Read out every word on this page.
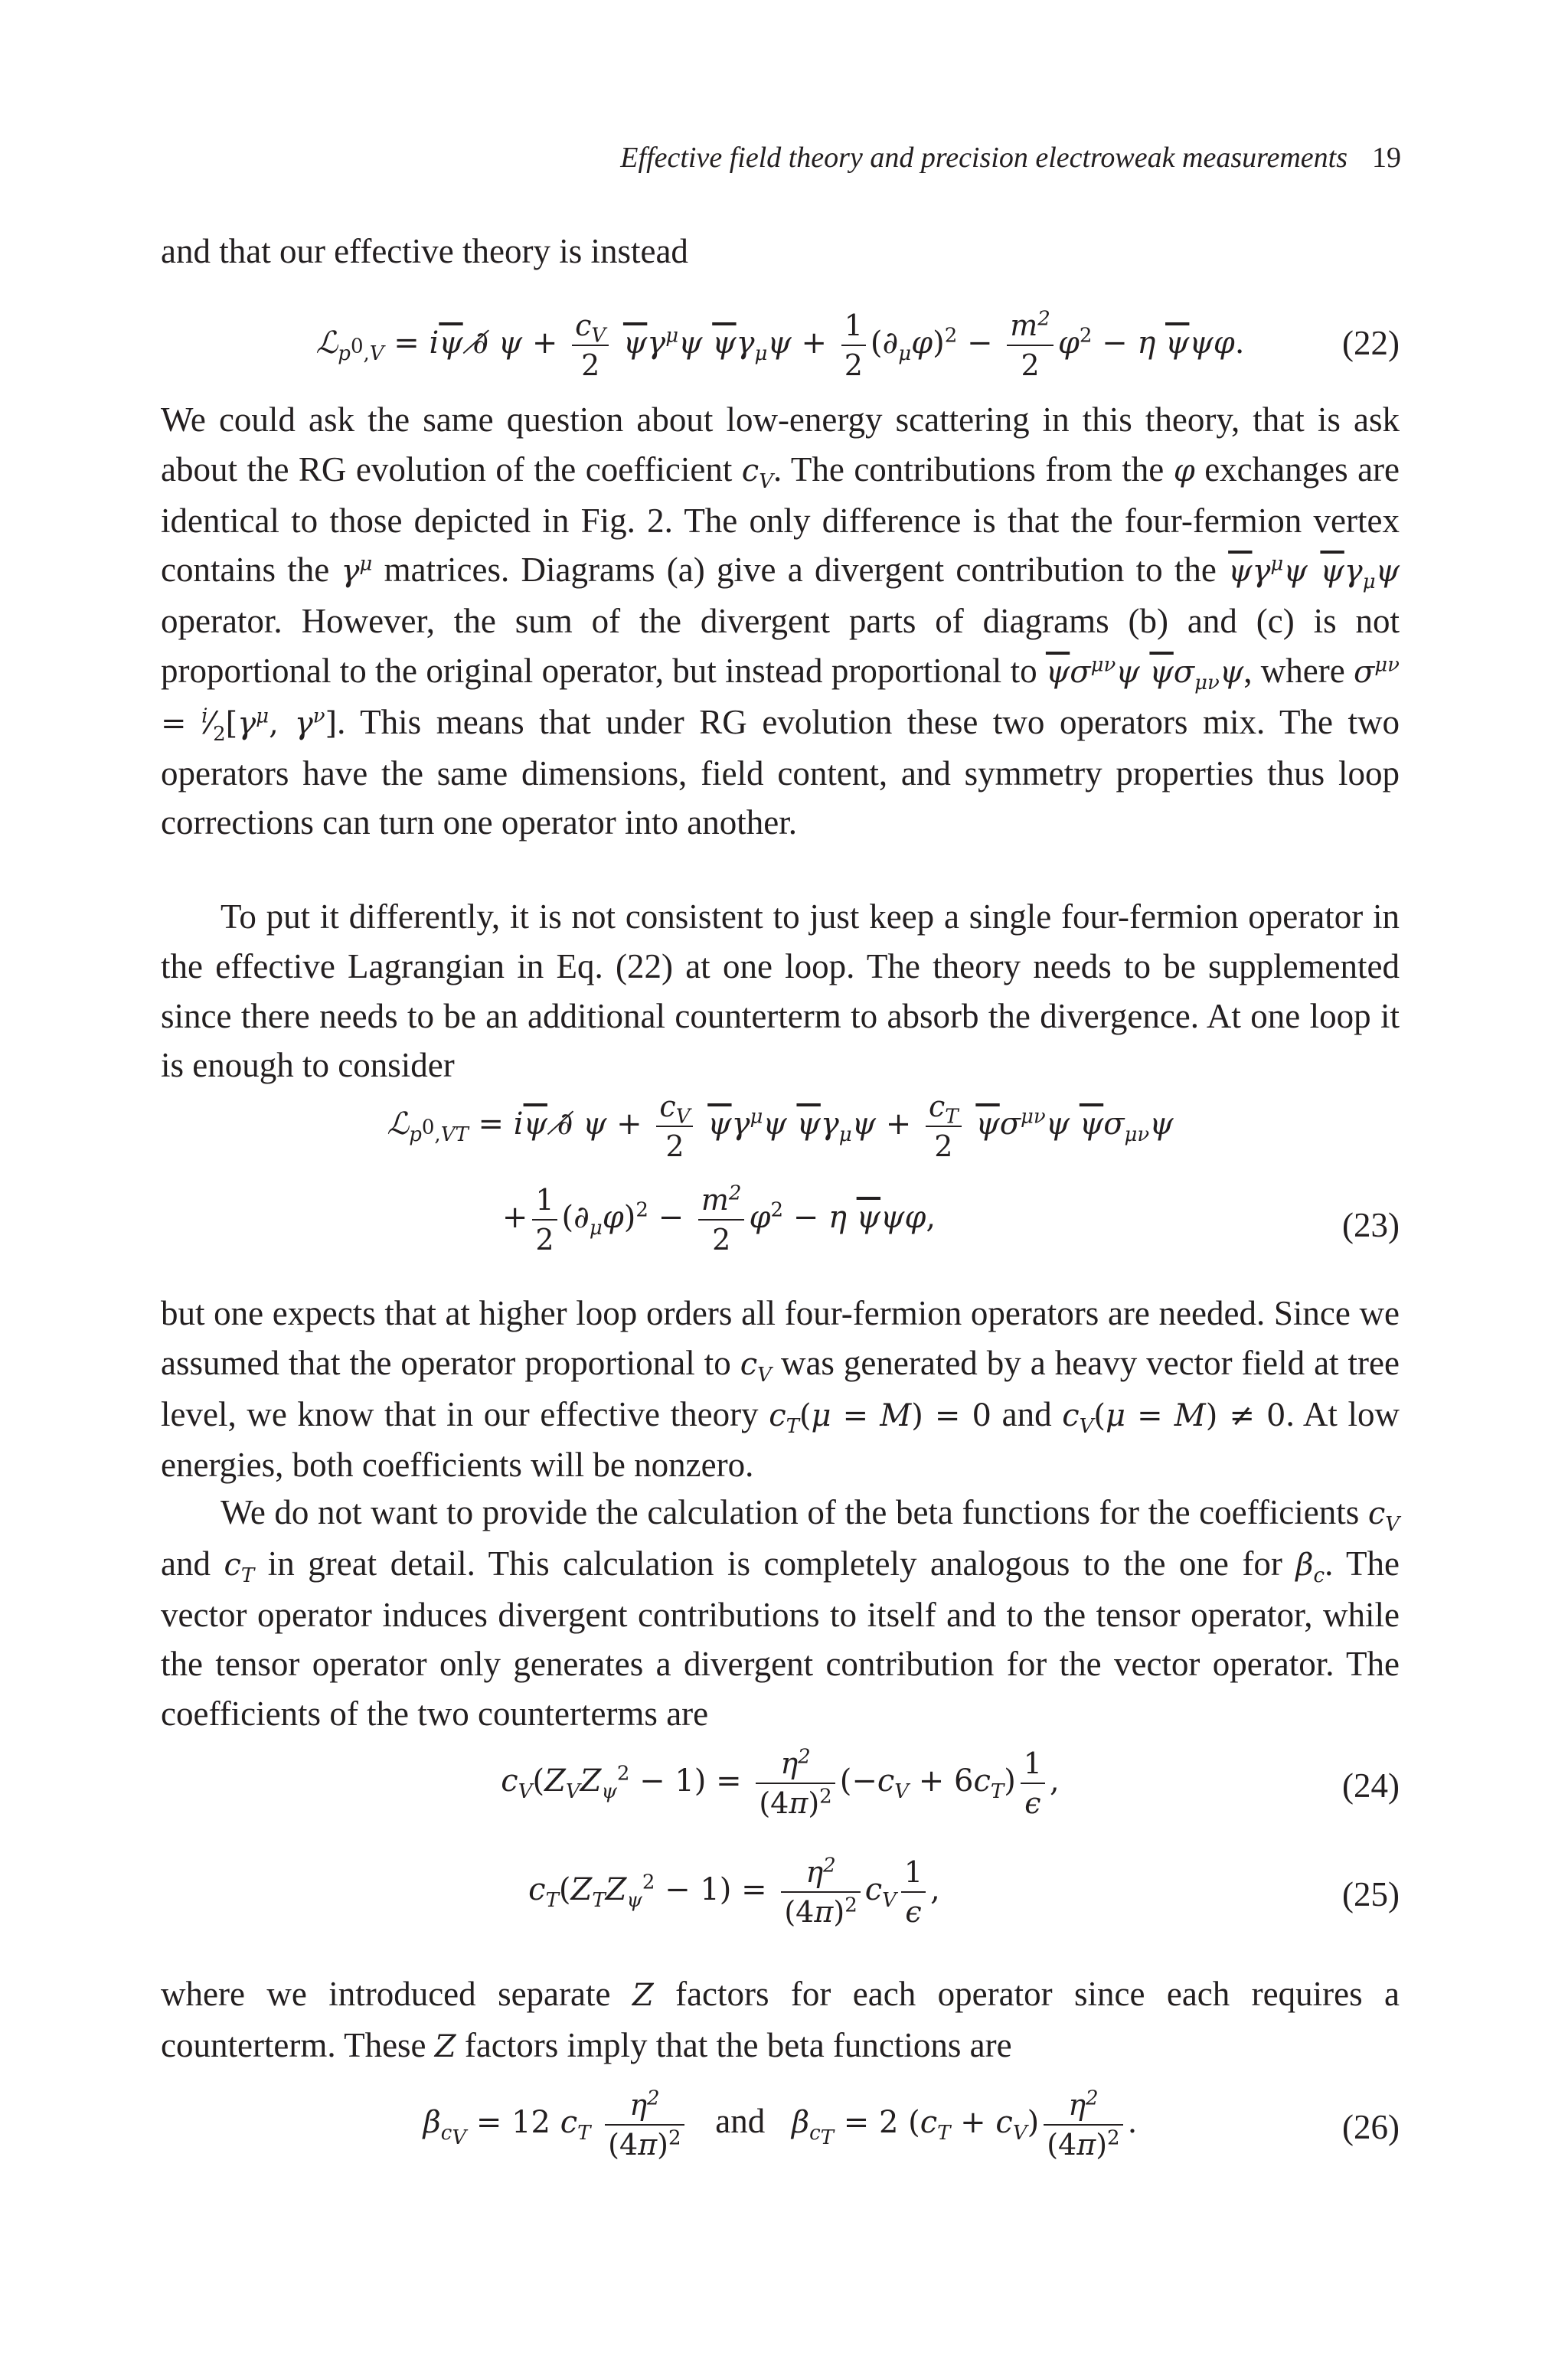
Effective field theory and precision electroweak measurements 19
and that our effective theory is instead
ℒ$_{p^0,V}$ = $i\overline{\psi}$ ∂̸ $\psi + \frac{c_V}{2} \overline{\psi}\gamma^\mu\psi$ $\overline{\psi}\gamma_\mu\psi + \frac{1}{2} (\partial_\mu\varphi)^2 - \frac{m^2}{2} \varphi^2 - \eta$ $\overline{\psi}\psi\varphi$.	(22)
We could ask the same question about low-energy scattering in this theory, that is ask about the RG evolution of the coefficient $c_V$. The contributions from the φ exchanges are identical to those depicted in Fig. 2. The only difference is that the four-fermion vertex contains the $\gamma^\mu$ matrices. Diagrams (a) give a divergent contribution to the $\overline{\psi}\gamma^\mu\psi$ $\overline{\psi}\gamma_\mu\psi$ operator. However, the sum of the divergent parts of diagrams (b) and (c) is not proportional to the original operator, but instead proportional to $\overline{\psi}\sigma^{\mu\nu}\psi$ $\overline{\psi}\sigma_{\mu\nu}\psi$, where $\sigma^{\mu\nu}$ = $^i⁄_2[\gamma^\mu$, $\gamma^\nu$]. This means that under RG evolution these two operators mix. The two operators have the same dimensions, field content, and symmetry properties thus loop corrections can turn one operator into another.
To put it differently, it is not consistent to just keep a single four-fermion operator in the effective Lagrangian in Eq. (22) at one loop. The theory needs to be supplemented since there needs to be an additional counterterm to absorb the divergence. At one loop it is enough to consider
ℒ$_{p^0,VT}$ = $i\overline{\psi}$ ∂̸ $\psi + \frac{c_V}{2} \overline{\psi}\gamma^\mu\psi$ $\overline{\psi}\gamma_\mu\psi + \frac{c_T}{2} \overline{\psi}\sigma^{\mu\nu}\psi$ $\overline{\psi}\sigma_{\mu\nu}\psi$
+ $\frac{1}{2} (\partial_\mu\varphi)^2 - \frac{m^2}{2} \varphi^2 - \eta$ $\overline{\psi}\psi\varphi$,	(23)
but one expects that at higher loop orders all four-fermion operators are needed. Since we assumed that the operator proportional to $c_V$ was generated by a heavy vector field at tree level, we know that in our effective theory $c_T(\mu = M) = 0$ and $c_V(\mu = M) \ne 0$. At low energies, both coefficients will be nonzero.
We do not want to provide the calculation of the beta functions for the coefficients $c_V$ and $c_T$ in great detail. This calculation is completely analogous to the one for $\beta_c$. The vector operator induces divergent contributions to itself and to the tensor operator, while the tensor operator only generates a divergent contribution for the vector operator. The coefficients of the two counterterms are
$c_V(Z_VZ_\psi^2 - 1) = \frac{\eta^2}{(4\pi)^2} (-c_V + 6c_T) \frac{1}{\epsilon}$ ,	(24)
$c_T(Z_TZ_\psi^2 - 1) = \frac{\eta^2}{(4\pi)^2} c_V \frac{1}{\epsilon}$ ,	(25)
where we introduced separate Z factors for each operator since each requires a counterterm. These Z factors imply that the beta functions are
$\beta_{c_V} = 12$ $c_T \frac{\eta^2}{(4\pi)^2}$ and $\beta_{c_T} = 2$ $(c_T + c_V) \frac{\eta^2}{(4\pi)^2}$ .	(26)
